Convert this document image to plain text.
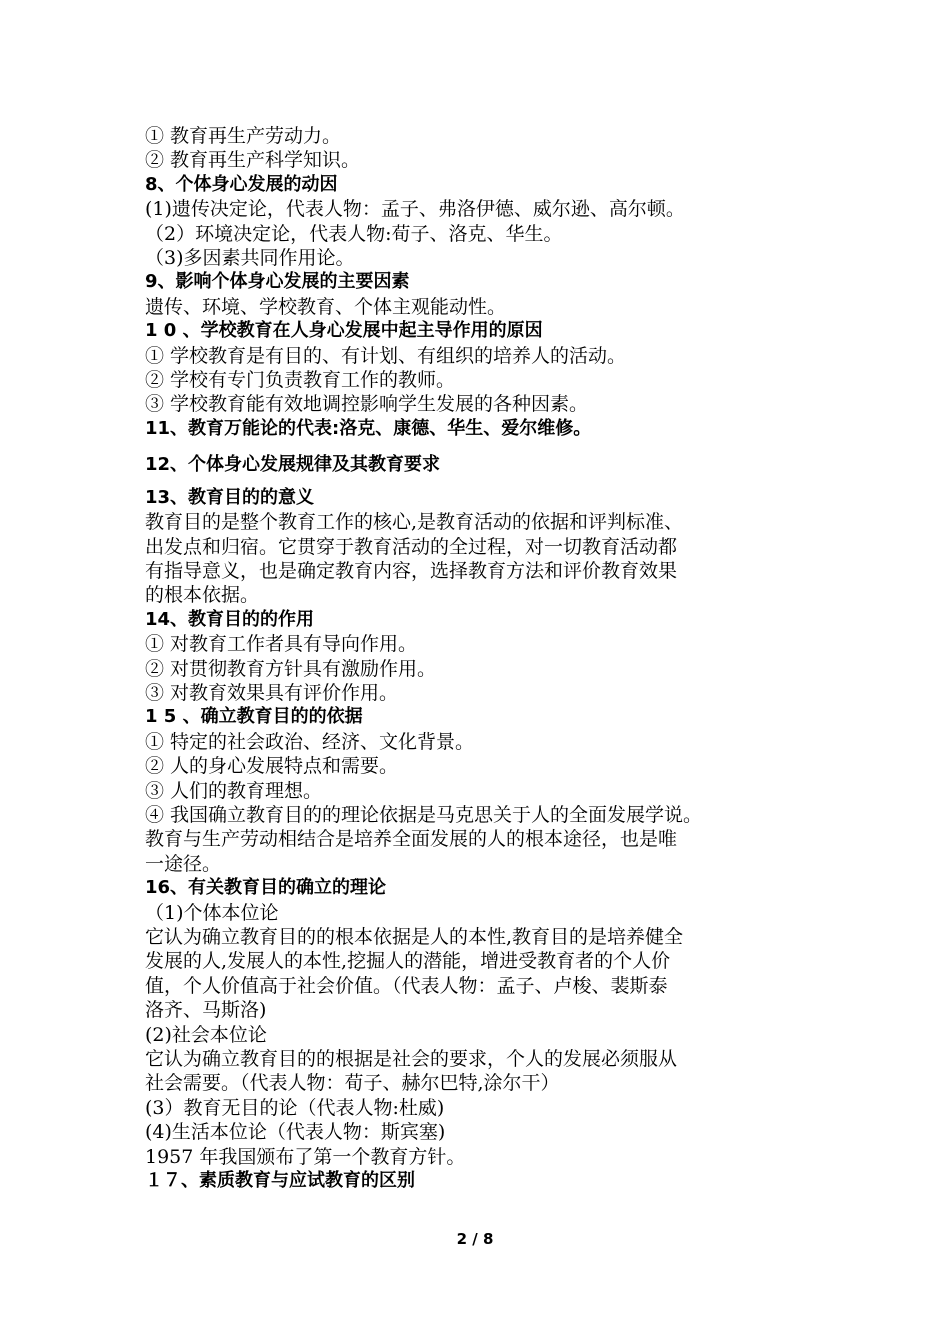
① 教育再生产劳动力。
② 教育再生产科学知识。
8、个体身心发展的动因
(1)遗传决定论，代表人物：孟子、弗洛伊德、威尔逊、高尔顿。
（2）环境决定论，代表人物:荀子、洛克、华生。
（3)多因素共同作用论。
9、影响个体身心发展的主要因素
遗传、环境、学校教育、个体主观能动性。
1 0 、学校教育在人身心发展中起主导作用的原因
① 学校教育是有目的、有计划、有组织的培养人的活动。
② 学校有专门负责教育工作的教师。
③ 学校教育能有效地调控影响学生发展的各种因素。
11、教育万能论的代表:洛克、康德、华生、爱尔维修。
12、个体身心发展规律及其教育要求
13、教育目的的意义
教育目的是整个教育工作的核心,是教育活动的依据和评判标准、
出发点和归宿。它贯穿于教育活动的全过程，对一切教育活动都
有指导意义，也是确定教育内容，选择教育方法和评价教育效果
的根本依据。
14、教育目的的作用
① 对教育工作者具有导向作用。
② 对贯彻教育方针具有激励作用。
③ 对教育效果具有评价作用。
1 5 、确立教育目的的依据
① 特定的社会政治、经济、文化背景。
② 人的身心发展特点和需要。
③ 人们的教育理想。
④ 我国确立教育目的的理论依据是马克思关于人的全面发展学说。
教育与生产劳动相结合是培养全面发展的人的根本途径，也是唯
一途径。
16、有关教育目的确立的理论
（1)个体本位论
它认为确立教育目的的根本依据是人的本性,教育目的是培养健全
发展的人,发展人的本性,挖掘人的潜能，增进受教育者的个人价
值，个人价值高于社会价值。（代表人物：孟子、卢梭、裴斯泰
洛齐、马斯洛)
(2)社会本位论
它认为确立教育目的的根据是社会的要求，个人的发展必须服从
社会需要。（代表人物：荀子、赫尔巴特,涂尔干）
(3）教育无目的论（代表人物:杜威)
(4)生活本位论（代表人物：斯宾塞)
1957 年我国颁布了第一个教育方针。
１７、素质教育与应试教育的区别
2 / 8
